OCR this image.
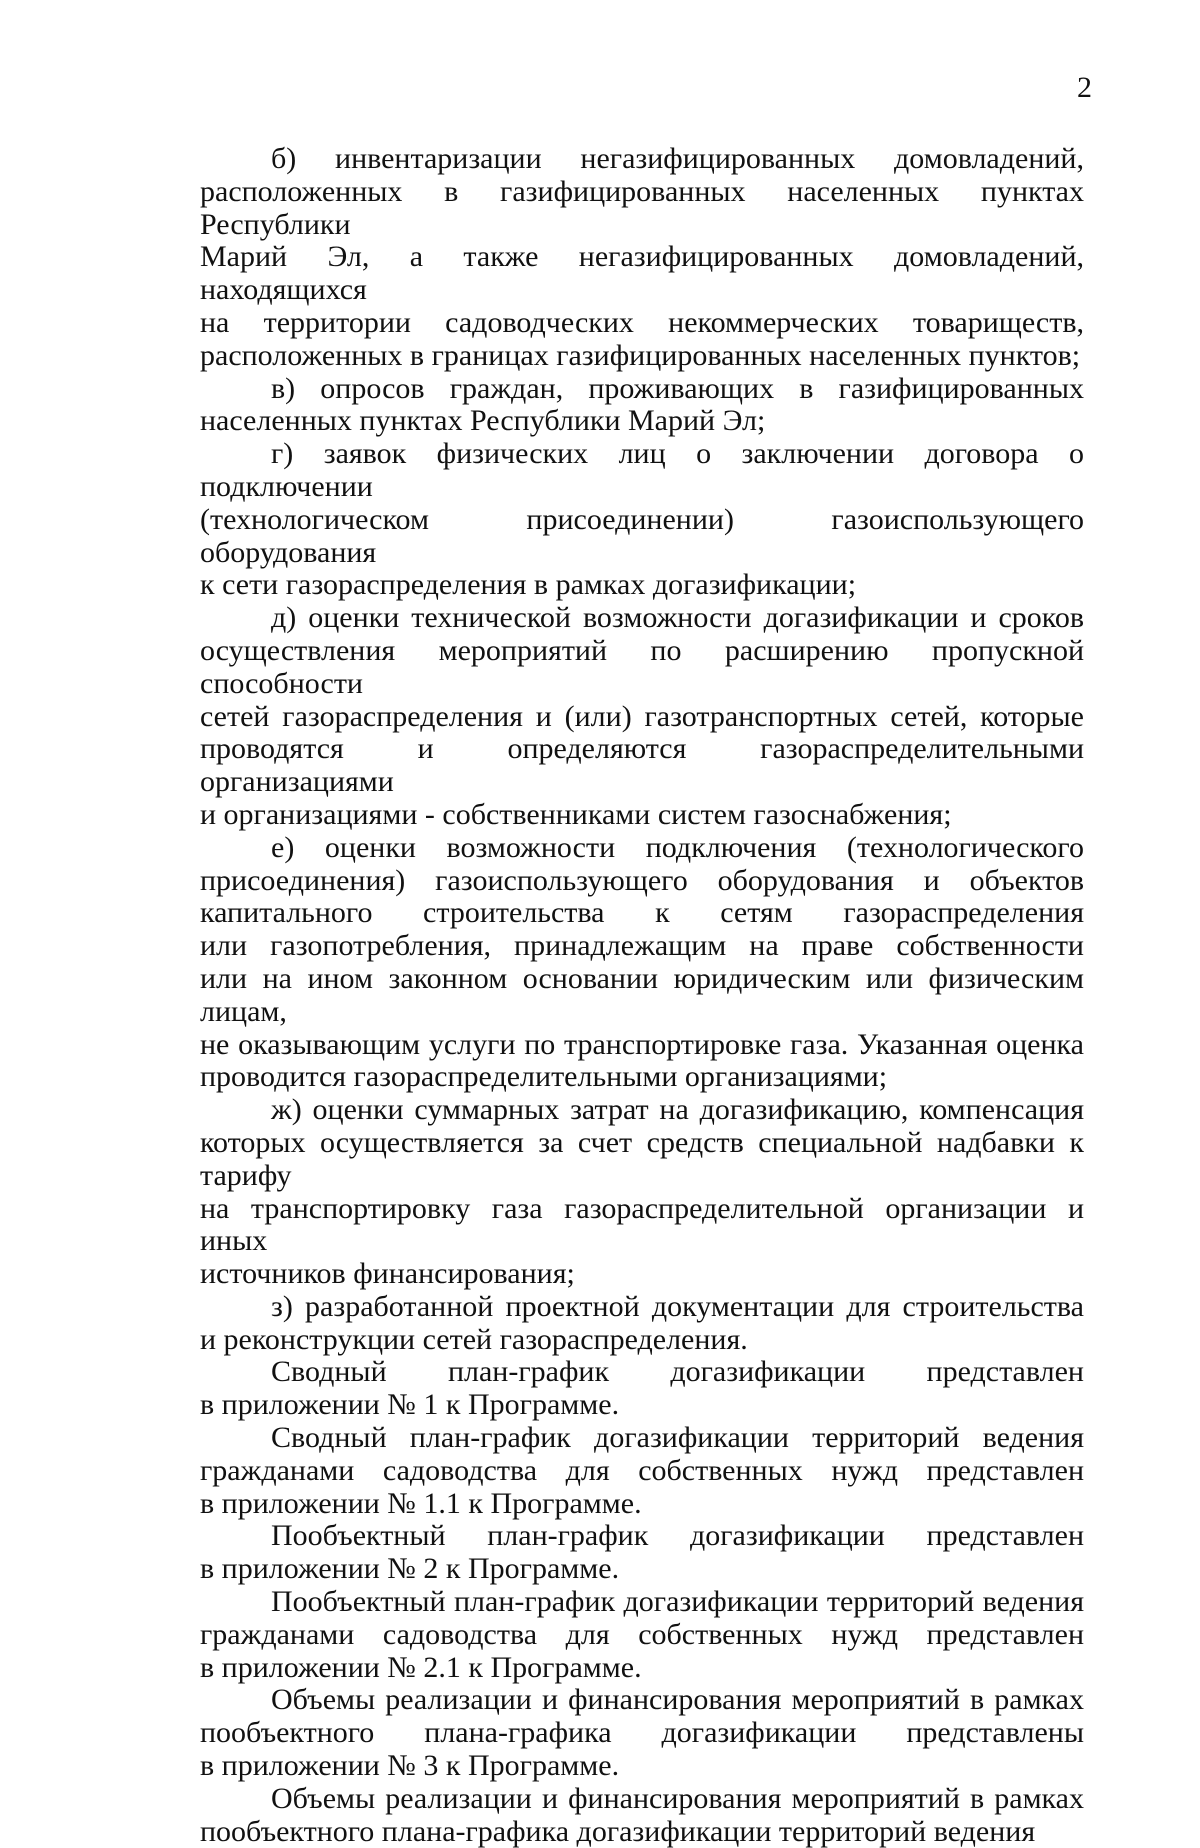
2
б) инвентаризации негазифицированных домовладений,
расположенных в газифицированных населенных пунктах Республики
Марий Эл, а также негазифицированных домовладений, находящихся
на территории садоводческих некоммерческих товариществ,
расположенных в границах газифицированных населенных пунктов;
в) опросов граждан, проживающих в газифицированных
населенных пунктах Республики Марий Эл;
г) заявок физических лиц о заключении договора о подключении
(технологическом присоединении) газоиспользующего оборудования
к сети газораспределения в рамках догазификации;
д) оценки технической возможности догазификации и сроков
осуществления мероприятий по расширению пропускной способности
сетей газораспределения и (или) газотранспортных сетей, которые
проводятся и определяются газораспределительными организациями
и организациями - собственниками систем газоснабжения;
е) оценки возможности подключения (технологического
присоединения) газоиспользующего оборудования и объектов
капитального строительства к сетям газораспределения
или газопотребления, принадлежащим на праве собственности
или на ином законном основании юридическим или физическим лицам,
не оказывающим услуги по транспортировке газа. Указанная оценка
проводится газораспределительными организациями;
ж) оценки суммарных затрат на догазификацию, компенсация
которых осуществляется за счет средств специальной надбавки к тарифу
на транспортировку газа газораспределительной организации и иных
источников финансирования;
з) разработанной проектной документации для строительства
и реконструкции сетей газораспределения.
Сводный план-график догазификации представлен
в приложении № 1 к Программе.
Сводный план-график догазификации территорий ведения
гражданами садоводства для собственных нужд представлен
в приложении № 1.1 к Программе.
Пообъектный план-график догазификации представлен
в приложении № 2 к Программе.
Пообъектный план-график догазификации территорий ведения
гражданами садоводства для собственных нужд представлен
в приложении № 2.1 к Программе.
Объемы реализации и финансирования мероприятий в рамках
пообъектного плана-графика догазификации представлены
в приложении № 3 к Программе.
Объемы реализации и финансирования мероприятий в рамках
пообъектного плана-графика догазификации территорий ведения
